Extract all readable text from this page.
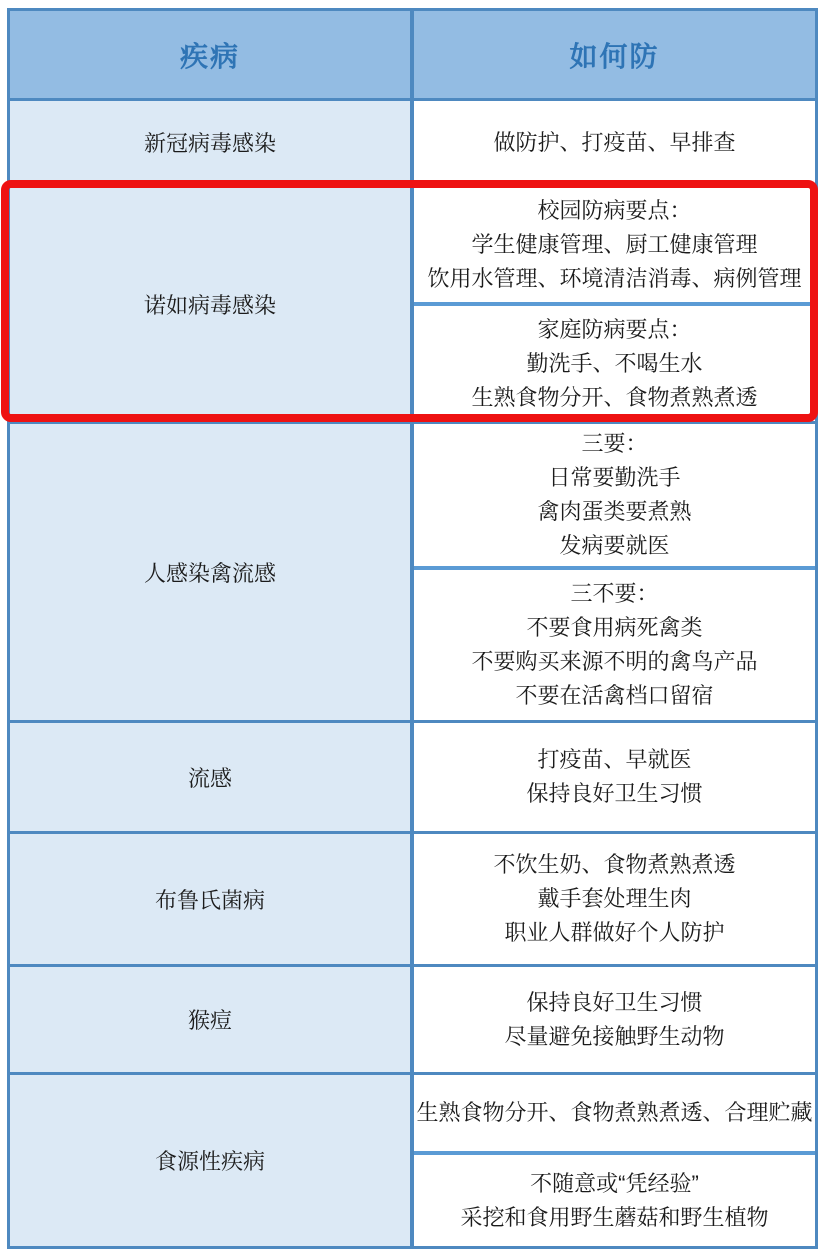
疾病	如何防
新冠病毒感染	做防护、打疫苗、早排查
诺如病毒感染
校园防病要点：
学生健康管理、厨工健康管理
饮用水管理、环境清洁消毒、病例管理
家庭防病要点：
勤洗手、不喝生水
生熟食物分开、食物煮熟煮透
人感染禽流感
三要：
日常要勤洗手
禽肉蛋类要煮熟
发病要就医
三不要：
不要食用病死禽类
不要购买来源不明的禽鸟产品
不要在活禽档口留宿
流感
打疫苗、早就医
保持良好卫生习惯
布鲁氏菌病
不饮生奶、食物煮熟煮透
戴手套处理生肉
职业人群做好个人防护
猴痘
保持良好卫生习惯
尽量避免接触野生动物
食源性疾病
生熟食物分开、食物煮熟煮透、合理贮藏
不随意或“凭经验”
采挖和食用野生蘑菇和野生植物
